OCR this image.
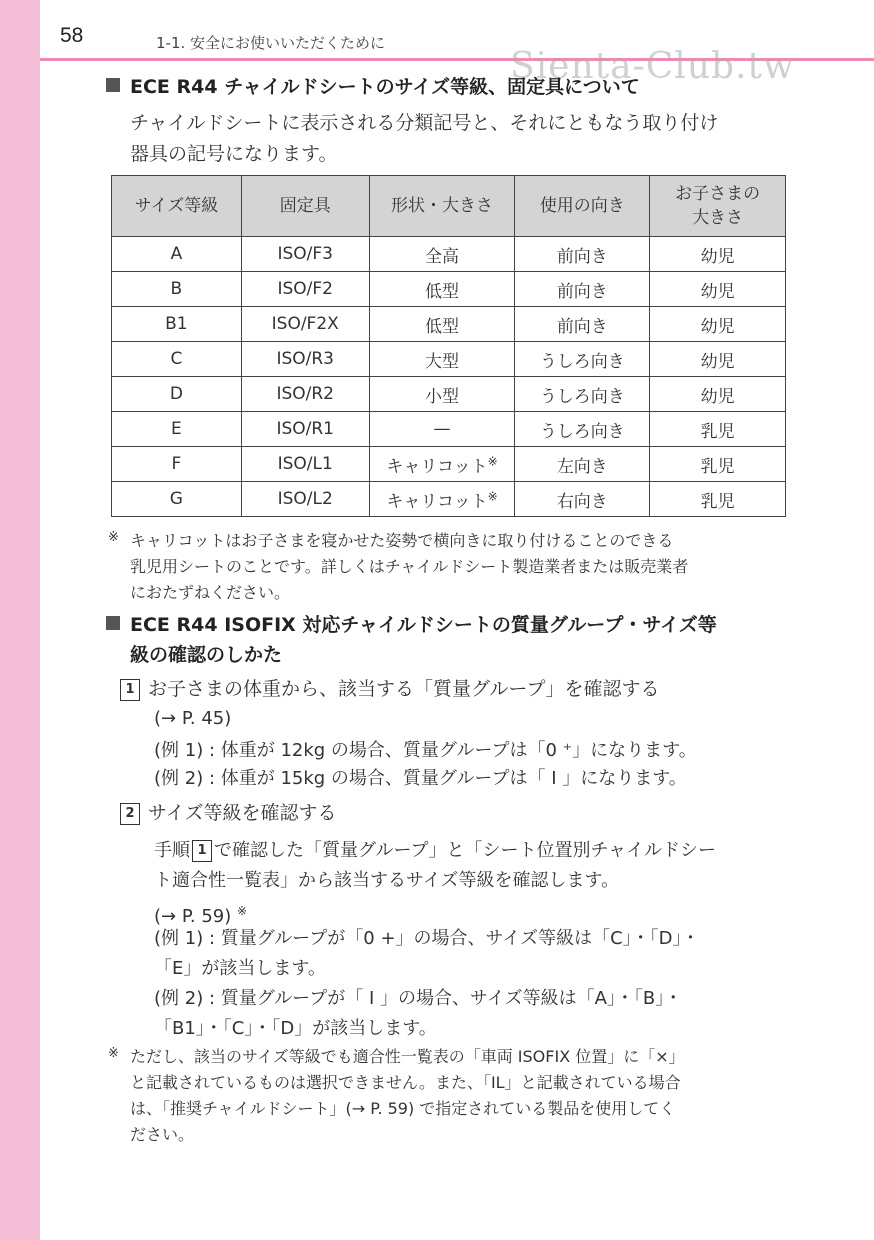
58	1-1. 安全にお使いいただくために
Sienta-Club.tw
ECE R44 チャイルドシートのサイズ等級、固定具について
チャイルドシートに表示される分類記号と、それにともなう取り付け
器具の記号になります。
サイズ等級	固定具	形状・大きさ	使用の向き	お子さまの
大きさ
A	ISO/F3	全高	前向き	幼児
B	ISO/F2	低型	前向き	幼児
B1	ISO/F2X	低型	前向き	幼児
C	ISO/R3	大型	うしろ向き	幼児
D	ISO/R2	小型	うしろ向き	幼児
E	ISO/R1	—	うしろ向き	乳児
F	ISO/L1	キャリコット※	左向き	乳児
G	ISO/L2	キャリコット※	右向き	乳児
※ キャリコットはお子さまを寝かせた姿勢で横向きに取り付けることのできる
乳児用シートのことです。詳しくはチャイルドシート製造業者または販売業者
におたずねください。
ECE R44 ISOFIX 対応チャイルドシートの質量グループ・サイズ等
級の確認のしかた
1 お子さまの体重から、該当する「質量グループ」を確認する
(→ P. 45)
(例 1) : 体重が 12kg の場合、質量グループは「0 ⁺」になります。
(例 2) : 体重が 15kg の場合、質量グループは「 I 」になります。
2 サイズ等級を確認する
手順 1 で確認した「質量グループ」と「シート位置別チャイルドシー
ト適合性一覧表」から該当するサイズ等級を確認します。
(→ P. 59) ※
(例 1) : 質量グループが「0 +」の場合、サイズ等級は「C」・「D」・
「E」が該当します。
(例 2) : 質量グループが「 I 」の場合、サイズ等級は「A」・「B」・
「B1」・「C」・「D」が該当します。
※ ただし、該当のサイズ等級でも適合性一覧表の「車両 ISOFIX 位置」に「×」
と記載されているものは選択できません。また、「IL」と記載されている場合
は、「推奨チャイルドシート」(→ P. 59) で指定されている製品を使用してく
ださい。
